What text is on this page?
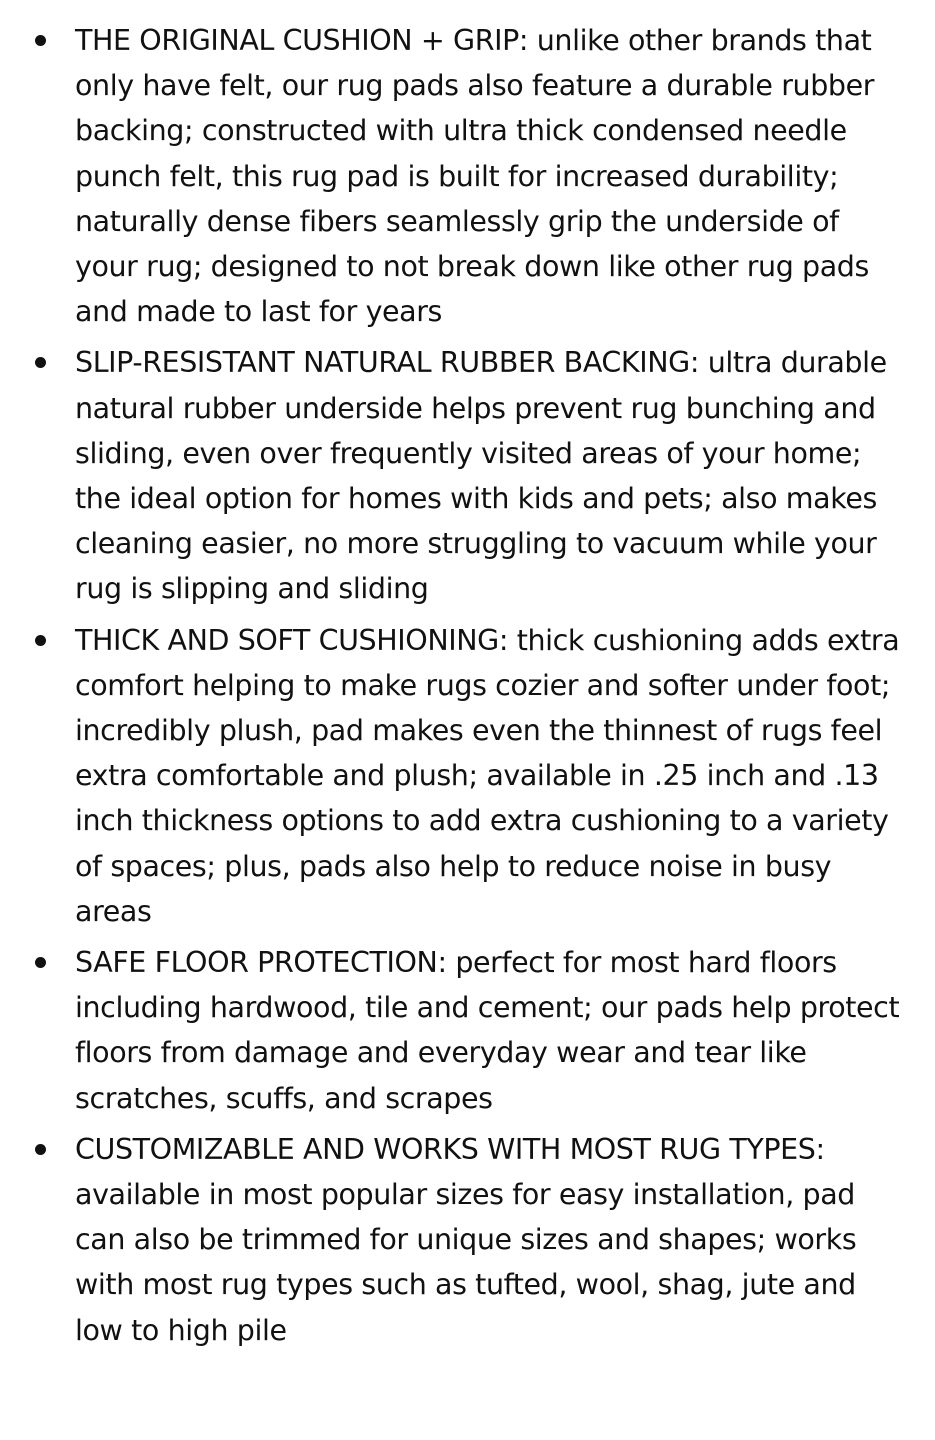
THE ORIGINAL CUSHION + GRIP: unlike other brands that only have felt, our rug pads also feature a durable rubber backing; constructed with ultra thick condensed needle punch felt, this rug pad is built for increased durability; naturally dense fibers seamlessly grip the underside of your rug; designed to not break down like other rug pads and made to last for years
SLIP-RESISTANT NATURAL RUBBER BACKING: ultra durable natural rubber underside helps prevent rug bunching and sliding, even over frequently visited areas of your home; the ideal option for homes with kids and pets; also makes cleaning easier, no more struggling to vacuum while your rug is slipping and sliding
THICK AND SOFT CUSHIONING: thick cushioning adds extra comfort helping to make rugs cozier and softer under foot; incredibly plush, pad makes even the thinnest of rugs feel extra comfortable and plush; available in .25 inch and .13 inch thickness options to add extra cushioning to a variety of spaces; plus, pads also help to reduce noise in busy areas
SAFE FLOOR PROTECTION: perfect for most hard floors including hardwood, tile and cement; our pads help protect floors from damage and everyday wear and tear like scratches, scuffs, and scrapes
CUSTOMIZABLE AND WORKS WITH MOST RUG TYPES: available in most popular sizes for easy installation, pad can also be trimmed for unique sizes and shapes; works with most rug types such as tufted, wool, shag, jute and low to high pile
